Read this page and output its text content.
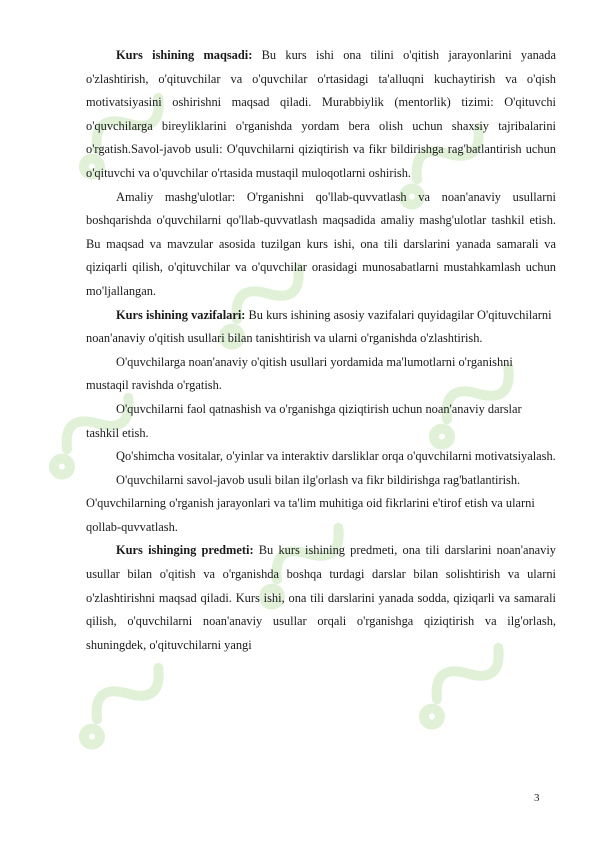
Kurs ishining maqsadi: Bu kurs ishi ona tilini o'qitish jarayonlarini yanada o'zlashtirish, o'qituvchilar va o'quvchilar o'rtasidagi ta'alluqni kuchaytirish va o'qish motivatsiyasini oshirishni maqsad qiladi. Murabbiylik (mentorlik) tizimi: O'qituvchi o'quvchilarga bireyliklarini o'rganishda yordam bera olish uchun shaxsiy tajribalarini o'rgatish.Savol-javob usuli: O'quvchilarni qiziqtirish va fikr bildirishga rag'batlantirish uchun o'qituvchi va o'quvchilar o'rtasida mustaqil muloqotlarni oshirish.

Amaliy mashg'ulotlar: O'rganishni qo'llab-quvvatlash va noan'anaviy usullarni boshqarishda o'quvchilarni qo'llab-quvvatlash maqsadida amaliy mashg'ulotlar tashkil etish. Bu maqsad va mavzular asosida tuzilgan kurs ishi, ona tili darslarini yanada samarali va qiziqarli qilish, o'qituvchilar va o'quvchilar orasidagi munosabatlarni mustahkamlash uchun mo'ljallangan.

Kurs ishining vazifalari: Bu kurs ishining asosiy vazifalari quyidagilar O'qituvchilarni noan'anaviy o'qitish usullari bilan tanishtirish va ularni o'rganishda o'zlashtirish.

O'quvchilarga noan'anaviy o'qitish usullari yordamida ma'lumotlarni o'rganishni mustaqil ravishda o'rgatish.

O'quvchilarni faol qatnashish va o'rganishga qiziqtirish uchun noan'anaviy darslar tashkil etish.

Qo'shimcha vositalar, o'yinlar va interaktiv darsliklar orqa o'quvchilarni motivatsiyalash.

O'quvchilarni savol-javob usuli bilan ilg'orlash va fikr bildirishga rag'batlantirish. O'quvchilarning o'rganish jarayonlari va ta'lim muhitiga oid fikrlarini e'tirof etish va ularni qollab-quvvatlash.

Kurs ishinging predmeti: Bu kurs ishining predmeti, ona tili darslarini noan'anaviy usullar bilan o'qitish va o'rganishda boshqa turdagi darslar bilan solishtirish va ularni o'zlashtirishni maqsad qiladi. Kurs ishi, ona tili darslarini yanada sodda, qiziqarli va samarali qilish, o'quvchilarni noan'anaviy usullar orqali o'rganishga qiziqtirish va ilg'orlash, shuningdek, o'qituvchilarni yangi

3
